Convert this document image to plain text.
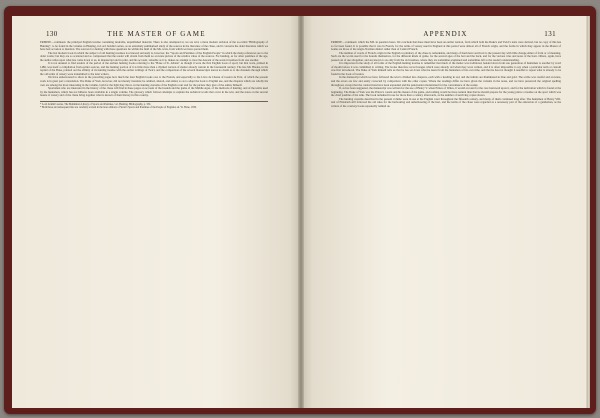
130	THE MASTER OF GAME

ERMINE—continued. the principal English treatise containing desirable, unpublished material. There is also attempted at, we are told, a mere modern revision of the so-called "Bibliography of Hunting", to be found in the volume on Hunting, in Lord Jacklin's series, as an extremely summarised study of the sources in the literature of the chase, and it concerns the older literature which we have had occasion to mention. The sources for dealing with these questions lie within the field of the Ms. texts, from which we have quoted them.

The last modern book in which the subject of old hunting treatises is reviewed seriously is, however, the "Sports and Pastimes of the English People" in which the many references are to the older works; but they are so scattered and so compressed that the reader will obtain from them no accurate picture of the relative value of the sources. For hunting, as for other pastimes of the age, the author relies upon what has come down to us, in manuscript and in print, and his account, valuable as it is, makes no attempt to trace the descent of the several treatises from one another.

It is not unusual to find readers of the period of the earliest hunting books referring to the "Boke of St. Albans" as though it were the first English book of sport; but that work, printed in 1486, was itself a compilation from earlier sources, and the hunting portion of it is little more than a rhymed version of matter already current in the fourteenth century. The late Mr. Blades, in his reprint of the Boke, pointed out the affinity of its hunting treatise with the earlier writings of Twici, and the comparison of the several manuscripts leaves no doubt as to the channels through which the old terms of venery were transmitted to the later writers.

We have endeavoured to show in the preceding pages how much the later English books owe to the French, and especially to the Livre de Chasse of Gaston de Foix, of which the present work is in great part a translation. The Duke of York, however, did not merely translate; he omitted, altered, and added, so as to adapt the book to English use, and the chapters which are wholly his own are among the most interesting in the volume, both for the light they throw on the hunting customs of the English court and for the picture they give of the author himself.

Sportsmen who are interested in the history of the chase will find in these pages an account of the hounds and the game of the Middle Ages, of the methods of hunting, and of the terms used by the huntsmen, which has not hitherto been available in a single volume. The glossary which follows attempts to explain the technical words that occur in the text, and the notes on the several beasts of venery and of the chase bring together what is known of their history in this country.

* Lord Jacklin's series, The Badminton Library of Sports and Pastimes, vol. Hunting, Bibliography, p. 330.
* Both these and subsequent lists are carefully revised in the later editions of Strutt's Sports and Pastimes of the People of England, ed. W. Hone, 1830.
APPENDIX	131

ERMINE—continued. which the MS. in question bears. We conclude that there must have been an earlier version, from which both the Duke's and Twici's texts were derived, but no copy of this has so far been found. It is possible that it was in French, for the terms of venery used in England at this period were almost all of French origin, and the forms in which they appear in the Master of Game are those of the Anglo-Norman dialect rather than of Central French.

The number of words of French origin in the English vocabulary of the chase is remarkable, and many of them have survived to the present day with little change either of form or of meaning. Such are the words used for the hounds themselves, for the different kinds of game, for the several ages of the hart and the buck, and for the various cries and notes of the horn. Others, again, have passed out of use altogether, and are known to us only from the old treatises, where they are sometimes explained and sometimes left to the reader's understanding.

It is important in the study of all forms of the English hunting treatise to remember that much of the matter was traditional, handed down from one generation of huntsmen to another by word of mouth before it was committed to writing. The books therefore record usages which were already old when they were written, and it is often impossible to say when a particular term or custom was first introduced. The Duke of York himself tells us that he has set down what he learnt from the huntsmen of his own time, and that he has not thought it needful to repeat what is already to be found in the book of Gaston.

In the manuscript which we have followed the text is divided into chapters, each with a heading in red, and the initials are illuminated in blue and gold. The scribe was careful and accurate, and the errors are few and easily corrected by comparison with the other copies. Where the readings differ we have given the variants in the notes, and we have preserved the original spelling throughout, except that the contractions have been expanded and the punctuation modernised for the convenience of the reader.

If, as has been suggested, the manuscript was written for the use of Henry V. when Prince of Wales, it would account for the care bestowed upon it, and for the dedication which is found at the beginning. The Duke of York was the Prince's cousin and his master of the game, and nothing would be more natural than that he should prepare for the young prince a treatise on the sport which was the chief pastime of his rank. The book remained in use for more than a century afterwards, as the number of surviving copies shows.

The hunting customs described in the present volume were in use at the English court throughout the fifteenth century, and many of them continued long after. The huntsmen of Henry VIII. and of Elizabeth still followed the old rules for the harbouring and unharbouring of the hart, and the terms of the chase were regarded as a necessary part of the education of a gentleman, as the writers of the courtesy books repeatedly remind us.
